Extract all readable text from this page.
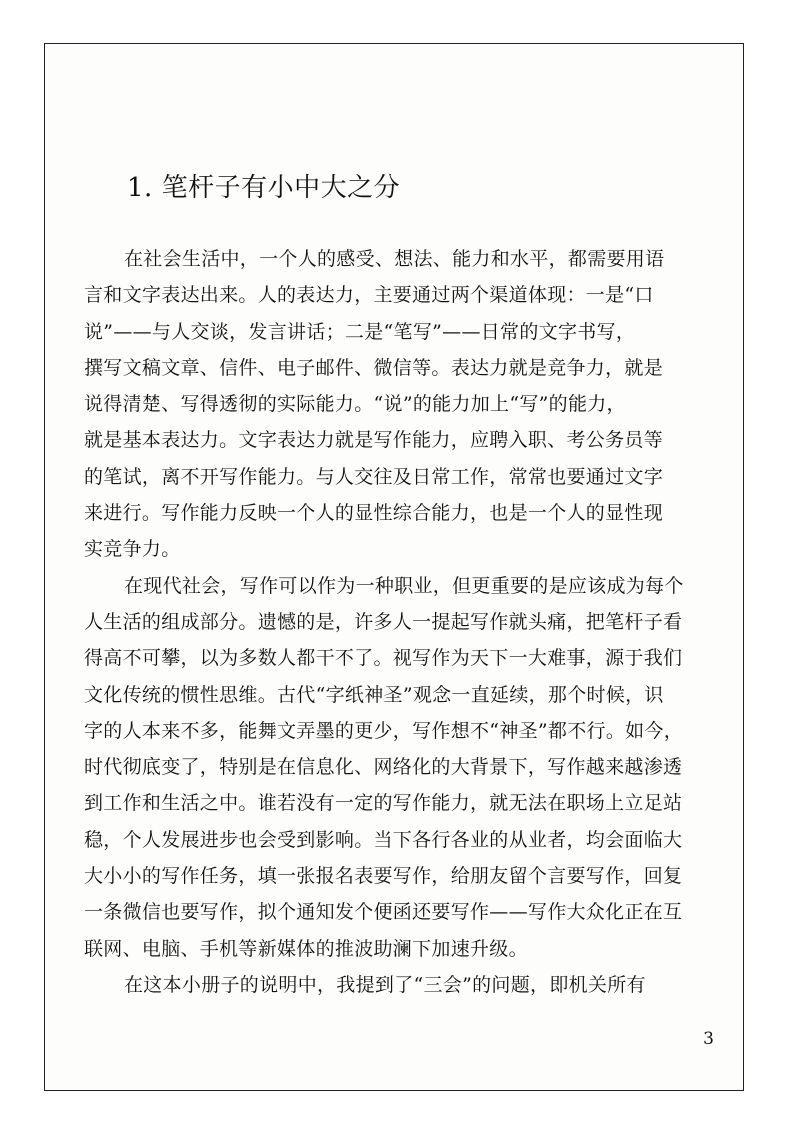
1. 笔杆子有小中大之分
在社会生活中，一个人的感受、想法、能力和水平，都需要用语
言和文字表达出来。人的表达力，主要通过两个渠道体现：一是“口
说”——与人交谈，发言讲话；二是“笔写”——日常的文字书写，
撰写文稿文章、信件、电子邮件、微信等。表达力就是竞争力，就是
说得清楚、写得透彻的实际能力。“说”的能力加上“写”的能力，
就是基本表达力。文字表达力就是写作能力，应聘入职、考公务员等
的笔试，离不开写作能力。与人交往及日常工作，常常也要通过文字
来进行。写作能力反映一个人的显性综合能力，也是一个人的显性现
实竞争力。
在现代社会，写作可以作为一种职业，但更重要的是应该成为每个
人生活的组成部分。遗憾的是，许多人一提起写作就头痛，把笔杆子看
得高不可攀，以为多数人都干不了。视写作为天下一大难事，源于我们
文化传统的惯性思维。古代“字纸神圣”观念一直延续，那个时候，识
字的人本来不多，能舞文弄墨的更少，写作想不“神圣”都不行。如今，
时代彻底变了，特别是在信息化、网络化的大背景下，写作越来越渗透
到工作和生活之中。谁若没有一定的写作能力，就无法在职场上立足站
稳，个人发展进步也会受到影响。当下各行各业的从业者，均会面临大
大小小的写作任务，填一张报名表要写作，给朋友留个言要写作，回复
一条微信也要写作，拟个通知发个便函还要写作——写作大众化正在互
联网、电脑、手机等新媒体的推波助澜下加速升级。
在这本小册子的说明中，我提到了“三会”的问题，即机关所有
3
